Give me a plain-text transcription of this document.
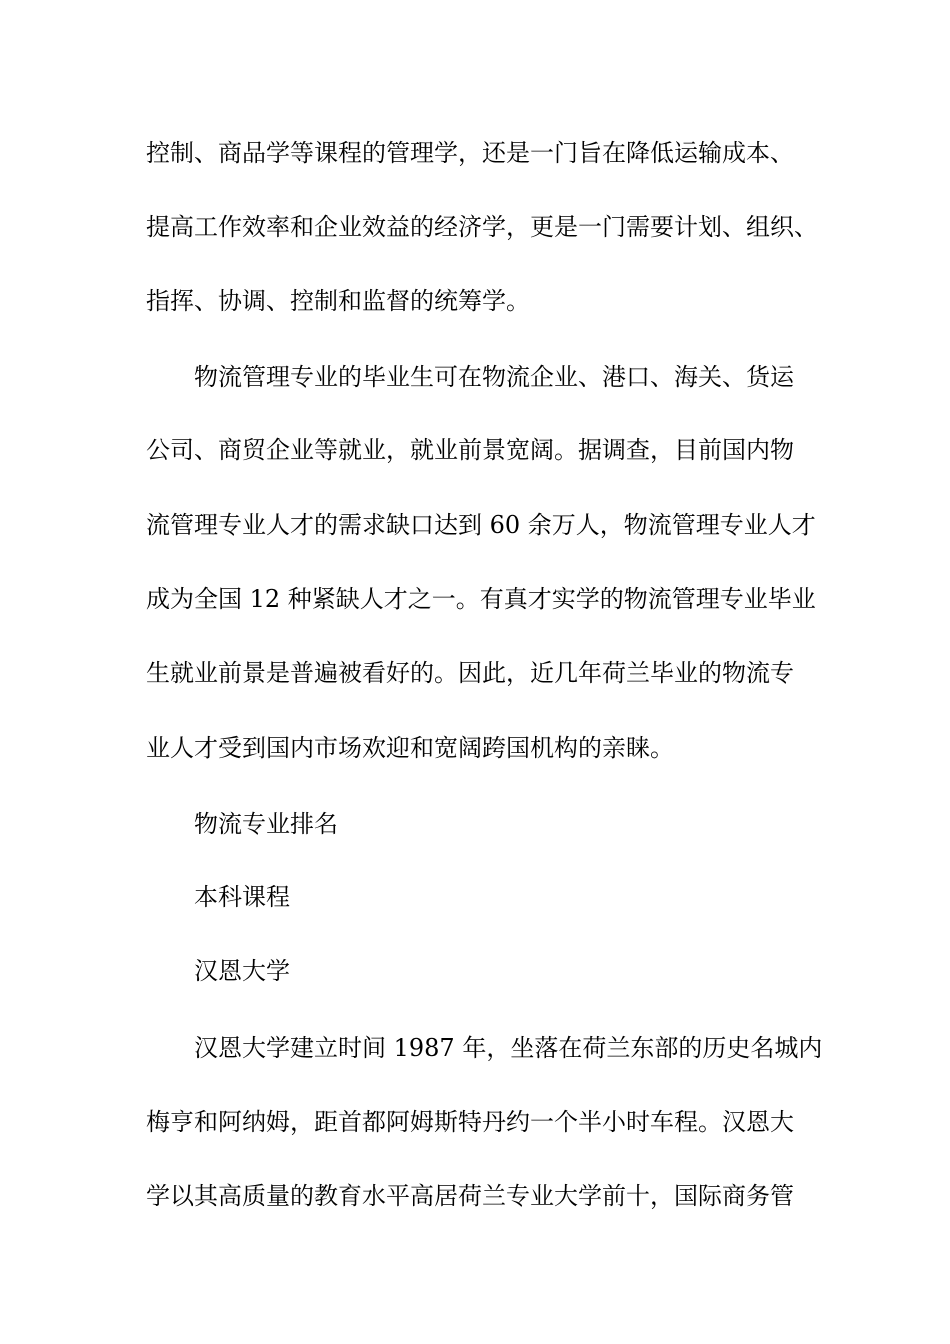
控制、商品学等课程的管理学，还是一门旨在降低运输成本、

提高工作效率和企业效益的经济学，更是一门需要计划、组织、

指挥、协调、控制和监督的统筹学。

物流管理专业的毕业生可在物流企业、港口、海关、货运

公司、商贸企业等就业，就业前景宽阔。据调查，目前国内物

流管理专业人才的需求缺口达到 60 余万人，物流管理专业人才

成为全国 12 种紧缺人才之一。有真才实学的物流管理专业毕业

生就业前景是普遍被看好的。因此，近几年荷兰毕业的物流专

业人才受到国内市场欢迎和宽阔跨国机构的亲睐。

物流专业排名

本科课程

汉恩大学

汉恩大学建立时间 1987 年，坐落在荷兰东部的历史名城内

梅亨和阿纳姆，距首都阿姆斯特丹约一个半小时车程。汉恩大

学以其高质量的教育水平高居荷兰专业大学前十，国际商务管
